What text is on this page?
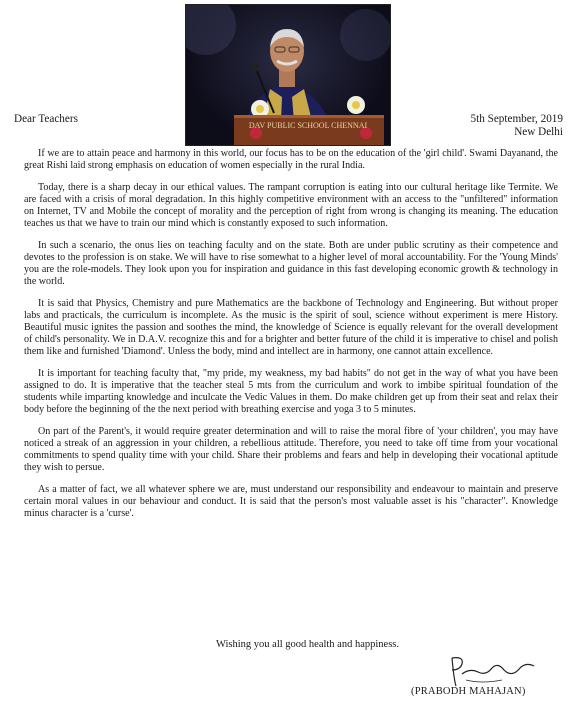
DAV PUBLIC SCHOOL CHENNAI
Dear Teachers	5th September, 2019
New Delhi

If we are to attain peace and harmony in this world, our focus has to be on the education of the 'girl child'. Swami Dayanand, the great Rishi laid strong emphasis on education of women especially in the rural India.

Today, there is a sharp decay in our ethical values. The rampant corruption is eating into our cultural heritage like Termite. We are faced with a crisis of moral degradation. In this highly competitive environment with an access to the "unfiltered" information on Internet, TV and Mobile the concept of morality and the perception of right from wrong is changing its meaning. The education teaches us that we have to train our mind which is constantly exposed to such information.

In such a scenario, the onus lies on teaching faculty and on the state. Both are under public scrutiny as their competence and devotes to the profession is on stake. We will have to rise somewhat to a higher level of moral accountability. For the 'Young Minds' you are the role-models. They look upon you for inspiration and guidance in this fast developing economic growth & technology in the world.

It is said that Physics, Chemistry and pure Mathematics are the backbone of Technology and Engineering. But without proper labs and practicals, the curriculum is incomplete. As the music is the spirit of soul, science without experiment is mere History. Beautiful music ignites the passion and soothes the mind, the knowledge of Science is equally relevant for the overall development of child's personality. We in D.A.V. recognize this and for a brighter and better future of the child it is imperative to chisel and polish them like and furnished 'Diamond'. Unless the body, mind and intellect are in harmony, one cannot attain excellence.

It is important for teaching faculty that, "my pride, my weakness, my bad habits" do not get in the way of what you have been assigned to do. It is imperative that the teacher steal 5 mts from the curriculum and work to imbibe spiritual foundation of the students while imparting knowledge and inculcate the Vedic Values in them. Do make children get up from their seat and relax their body before the beginning of the the next period with breathing exercise and yoga 3 to 5 minutes.

On part of the Parent's, it would require greater determination and will to raise the moral fibre of 'your children', you may have noticed a streak of an aggression in your children, a rebellious attitude. Therefore, you need to take off time from your vocational commitments to spend quality time with your child. Share their problems and fears and help in developing their vocational aptitude they wish to persue.

As a matter of fact, we all whatever sphere we are, must understand our responsibility and endeavour to maintain and preserve certain moral values in our behaviour and conduct. It is said that the person's most valuable asset is his "character". Knowledge minus character is a 'curse'.

Wishing you all good health and happiness.
(PRABODH MAHAJAN)
